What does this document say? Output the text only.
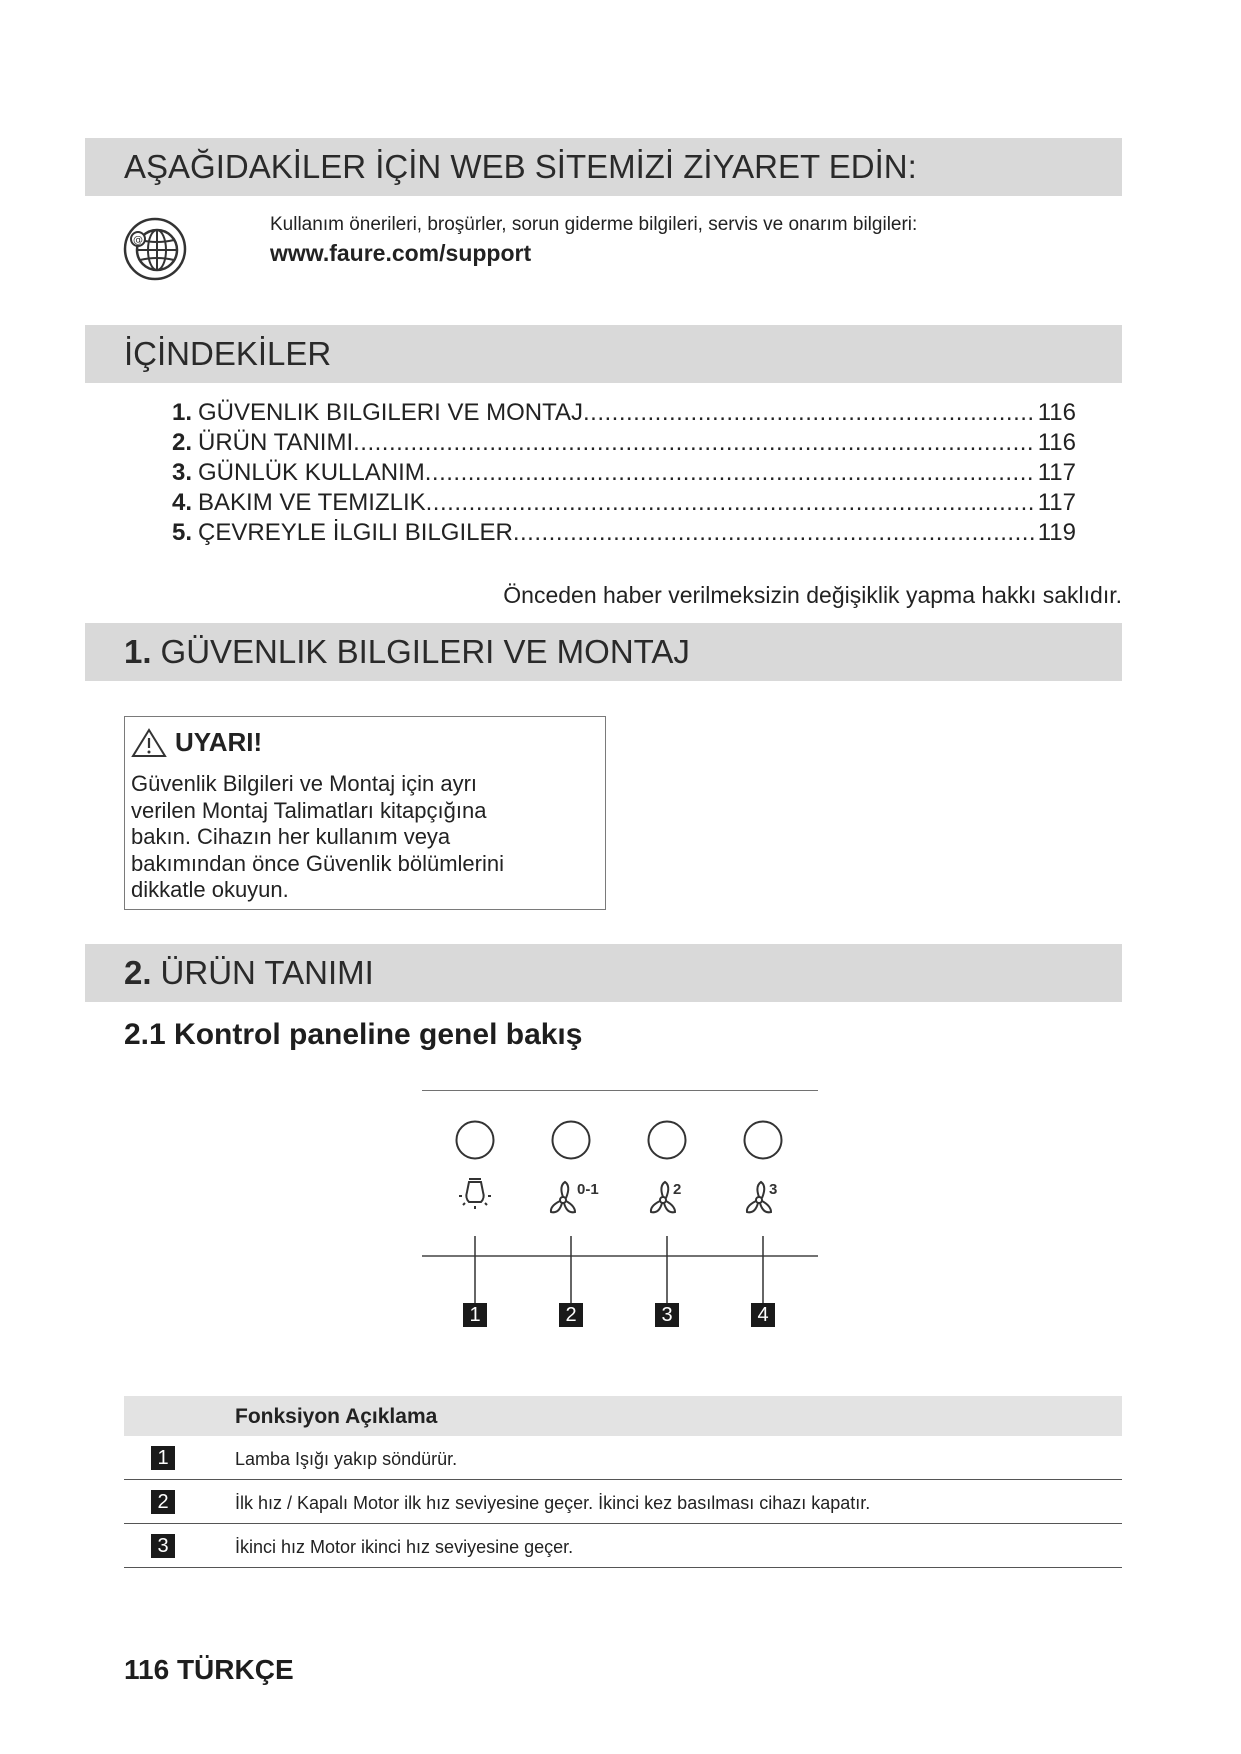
AŞAĞIDAKİLER İÇİN WEB SİTEMİZİ ZİYARET EDİN:
@
Kullanım önerileri, broşürler, sorun giderme bilgileri, servis ve onarım bilgileri:
www.faure.com/support
İÇİNDEKİLER
1. GÜVENLIK BILGILERI VE MONTAJ .....	116
2. ÜRÜN TANIMI .....	116
3. GÜNLÜK KULLANIM .....	117
4. BAKIM VE TEMIZLIK .....	117
5. ÇEVREYLE İLGILI BILGILER .....	119
Önceden haber verilmeksizin değişiklik yapma hakkı saklıdır.
1. GÜVENLIK BILGILERI VE MONTAJ
UYARI!
Güvenlik Bilgileri ve Montaj için ayrı
verilen Montaj Talimatları kitapçığına
bakın. Cihazın her kullanım veya
bakımından önce Güvenlik bölümlerini
dikkatle okuyun.
2. ÜRÜN TANIMI
2.1 Kontrol paneline genel bakış
0-1	2	3
1	2	3	4
Fonksiyon Açıklama
1	Lamba Işığı yakıp söndürür.
2	İlk hız / Kapalı Motor ilk hız seviyesine geçer. İkinci kez basılması cihazı kapatır.
3	İkinci hız Motor ikinci hız seviyesine geçer.
116 TÜRKÇE
